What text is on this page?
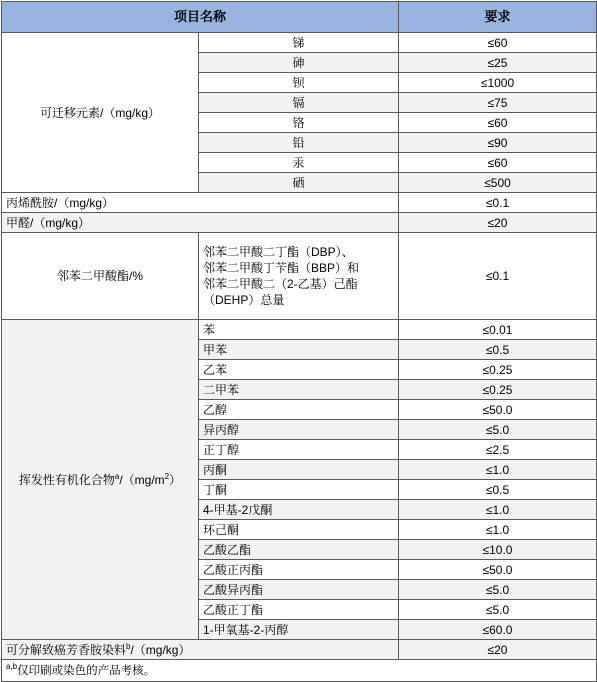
项目名称		要求
可迁移元素/（mg/kg）	锑	≤60
	砷	≤25
	钡	≤1000
	镉	≤75
	铬	≤60
	铅	≤90
	汞	≤60
	硒	≤500
丙烯酰胺/（mg/kg）		≤0.1
甲醛/（mg/kg）		≤20
邻苯二甲酸酯/%	邻苯二甲酸二丁酯（DBP）、
邻苯二甲酸丁苄酯（BBP）和
邻苯二甲酸二（2-乙基）己酯
（DEHP）总量	≤0.1
挥发性有机化合物$^a/(mg/m^2)$	苯	≤0.01
	甲苯	≤0.5
	乙苯	≤0.25
	二甲苯	≤0.25
	乙醇	≤50.0
	异丙醇	≤5.0
	正丁醇	≤2.5
	丙酮	≤1.0
	丁酮	≤0.5
	4-甲基-2戊酮	≤1.0
	环己酮	≤1.0
	乙酸乙酯	≤10.0
	乙酸正丙酯	≤50.0
	乙酸异丙酯	≤5.0
	乙酸正丁酯	≤5.0
	1-甲氧基-2-丙醇	≤60.0
可分解致癌芳香胺染料$^b$/（mg/kg）		≤20
$^{a,b}$仅印刷或染色的产品考核。		
